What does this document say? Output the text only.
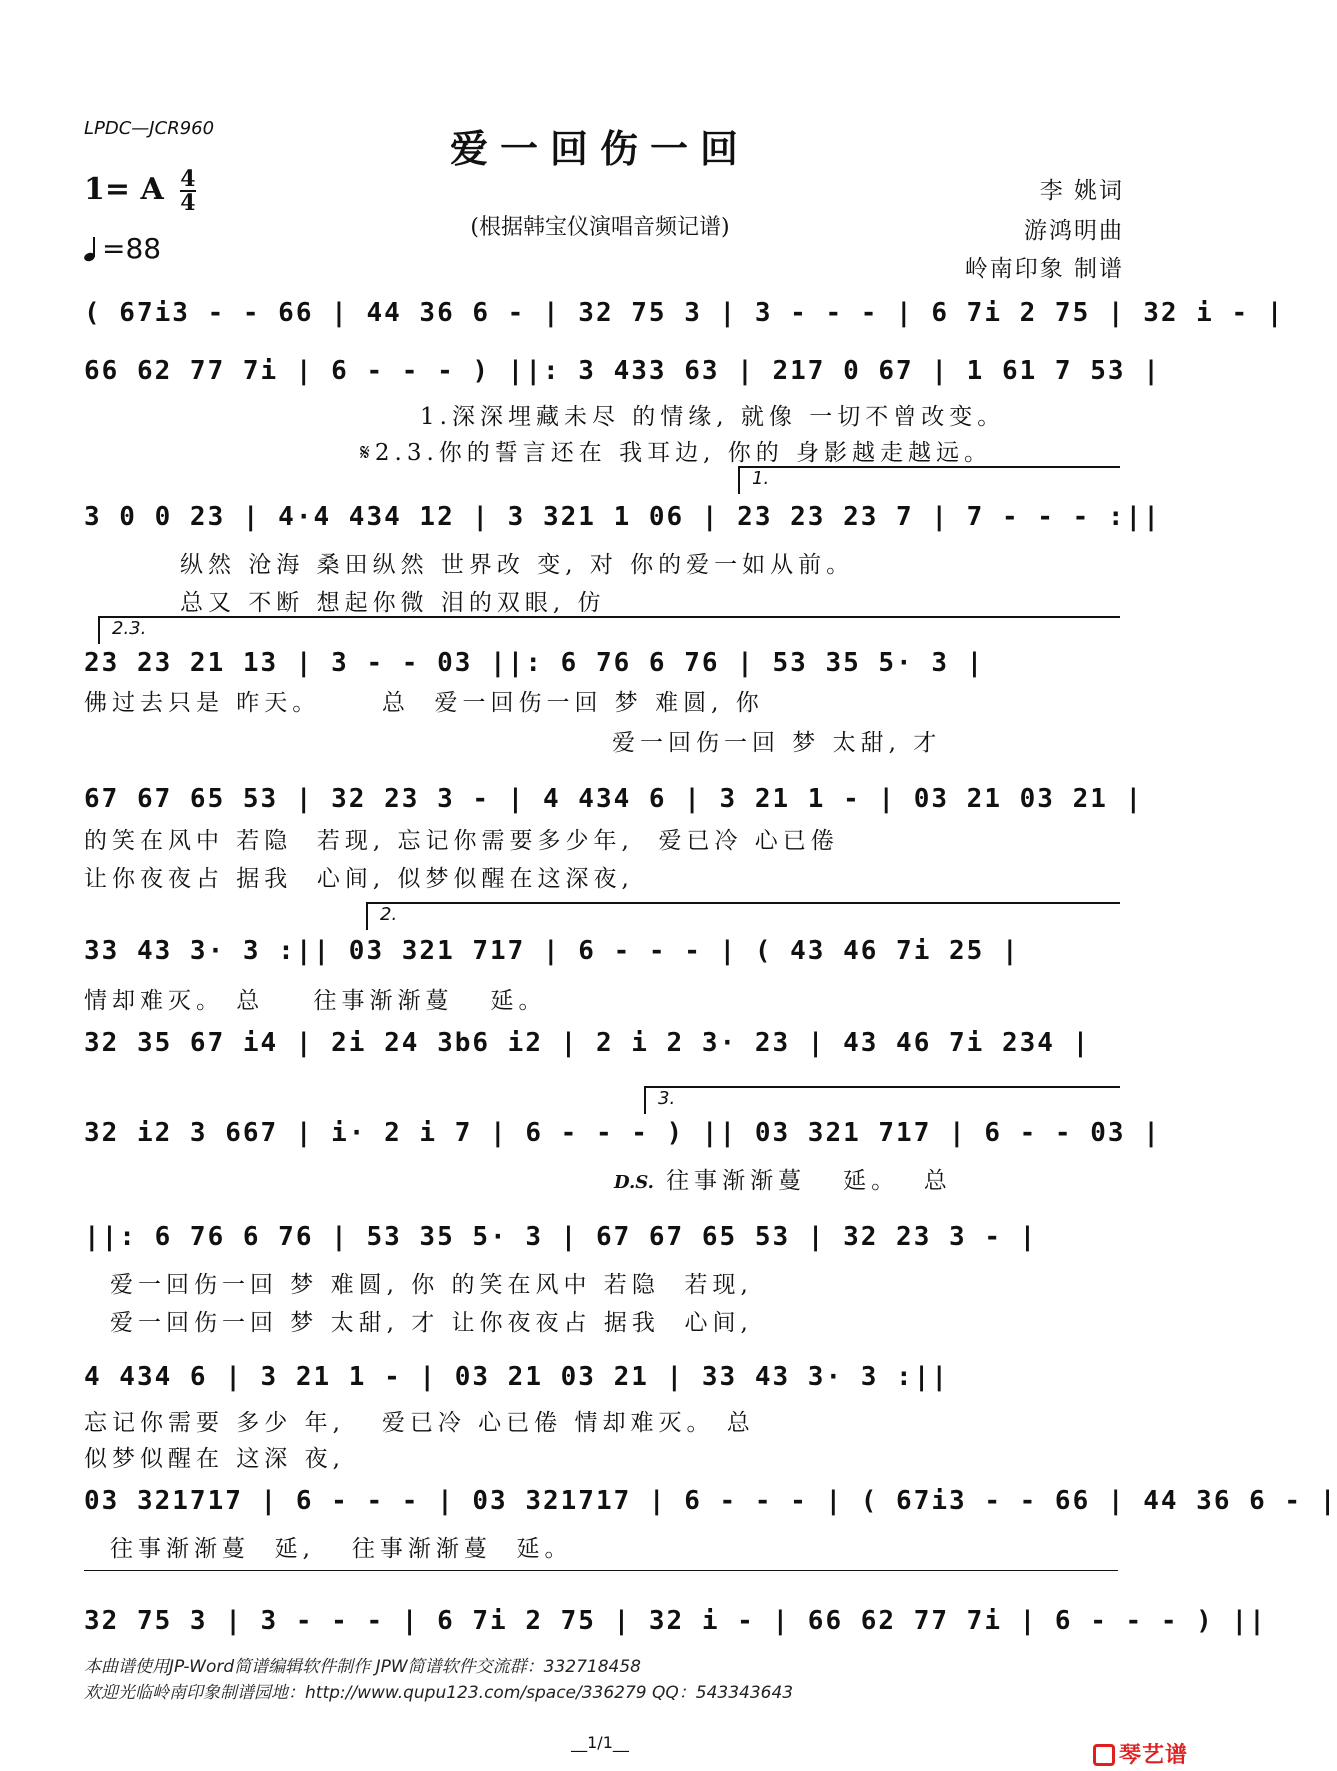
LPDC—JCR960	爱一回伤一回
1= A $\frac{4}{4}$
=88
(根据韩宝仪演唱音频记谱)
李 姚词
游鸿明曲
岭南印象 制谱
( 67i3 - - 66 | 44 36 6 - | 32 75 3 | 3 - - - | 6 7i 2 75 | 32 i - |
66 62 77 7i | 6 - - - ) ||: 3 433 63 | 217 0 67 | 1 61 7 53 |
1.深深埋藏未尽 的情缘, 就像 一切不曾改变。
𝄋2.3.你的誓言还在 我耳边, 你的 身影越走越远。
1.
3 0 0 23 | 4·4 434 12 | 3 321 1 06 | 23 23 23 7 | 7 - - - :||
纵然 沧海 桑田纵然 世界改 变, 对 你的爱一如从前。
总又 不断 想起你微 泪的双眼, 仿
2.3.
23 23 21 13 | 3 - - 03 ||: 6 76 6 76 | 53 35 5· 3 |
佛过去只是 昨天。     总  爱一回伤一回 梦 难圆, 你
爱一回伤一回 梦 太甜, 才
67 67 65 53 | 32 23 3 - | 4 434 6 | 3 21 1 - | 03 21 03 21 |
的笑在风中 若隐  若现, 忘记你需要多少年,  爱已冷 心已倦
让你夜夜占 据我  心间, 似梦似醒在这深夜,
2.
33 43 3· 3 :|| 03 321 717 | 6 - - - | ( 43 46 7i 25 |
情却难灭。 总    往事渐渐蔓   延。
32 35 67 i4 | 2i 24 3b6 i2 | 2 i 2 3· 23 | 43 46 7i 234 |
3.
32 i2 3 667 | i· 2 i 7 | 6 - - - ) || 03 321 717 | 6 - - 03 |
D.S. 往事渐渐蔓   延。  总
||: 6 76 6 76 | 53 35 5· 3 | 67 67 65 53 | 32 23 3 - |
爱一回伤一回 梦 难圆, 你 的笑在风中 若隐  若现,
爱一回伤一回 梦 太甜, 才 让你夜夜占 据我  心间,
4 434 6 | 3 21 1 - | 03 21 03 21 | 33 43 3· 3 :||
忘记你需要 多少 年,   爱已冷 心已倦 情却难灭。 总
似梦似醒在 这深 夜,
03 321717 | 6 - - - | 03 321717 | 6 - - - | ( 67i3 - - 66 | 44 36 6 - |
往事渐渐蔓  延,   往事渐渐蔓  延。
32 75 3 | 3 - - - | 6 7i 2 75 | 32 i - | 66 62 77 7i | 6 - - - ) ||
本曲谱使用JP-Word简谱编辑软件制作 JPW简谱软件交流群：332718458
欢迎光临岭南印象制谱园地：http://www.qupu123.com/space/336279 QQ：543343643
__1/1__
琴艺谱
